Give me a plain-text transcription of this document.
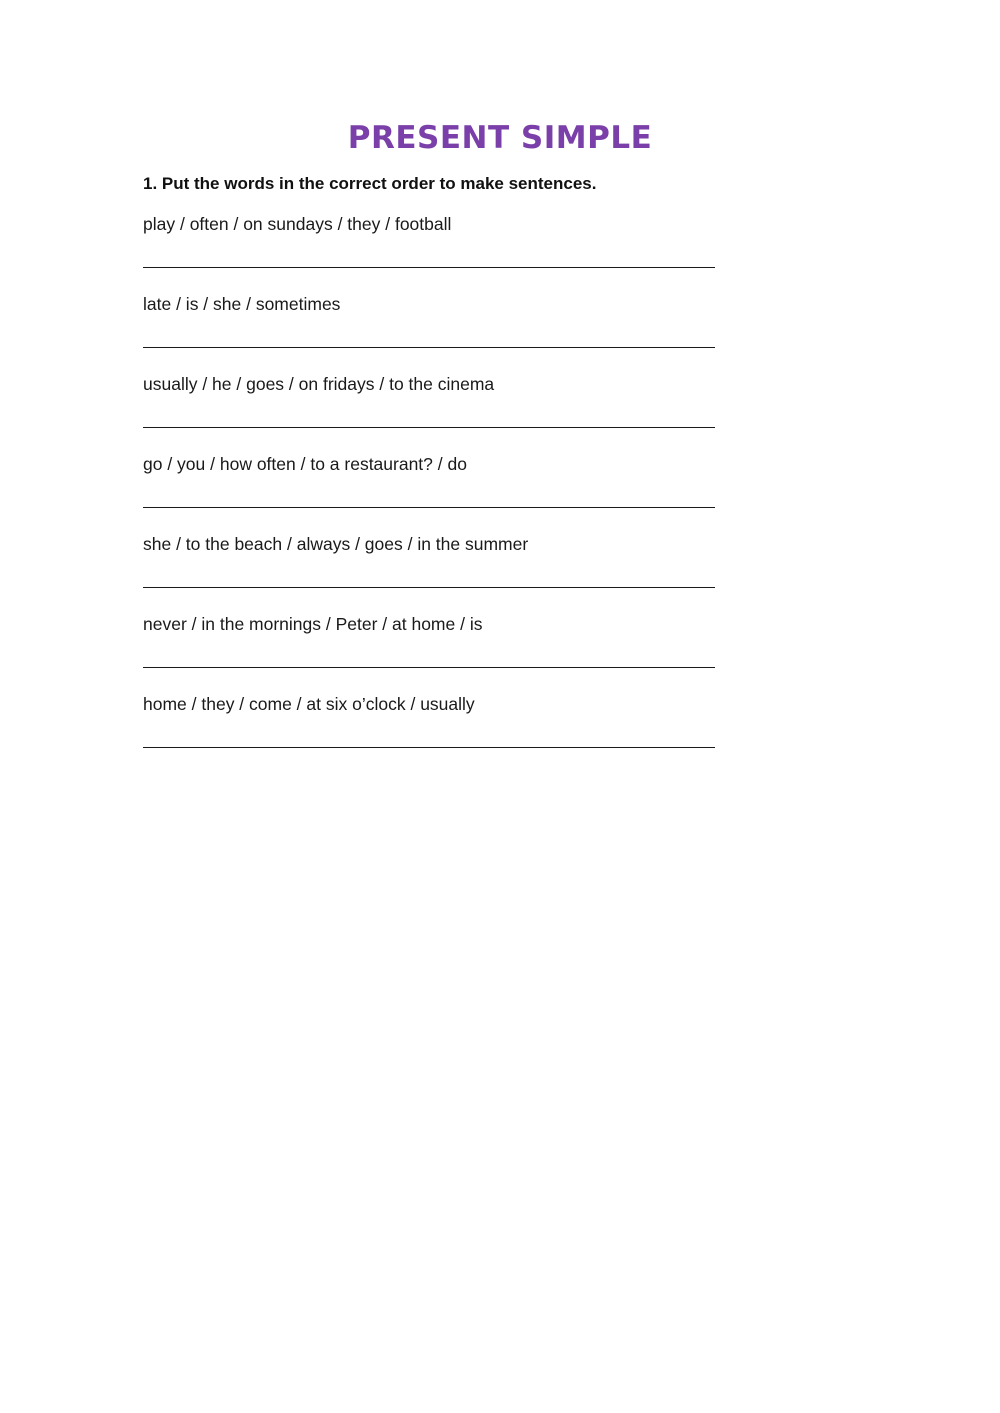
PRESENT SIMPLE
1. Put the words in the correct order to make sentences.
play / often / on sundays / they / football
late / is / she / sometimes
usually / he / goes / on fridays / to the cinema
go / you / how often / to a restaurant? / do
she / to the beach / always / goes / in the summer
never / in the mornings / Peter / at home / is
home / they / come / at six o’clock / usually
